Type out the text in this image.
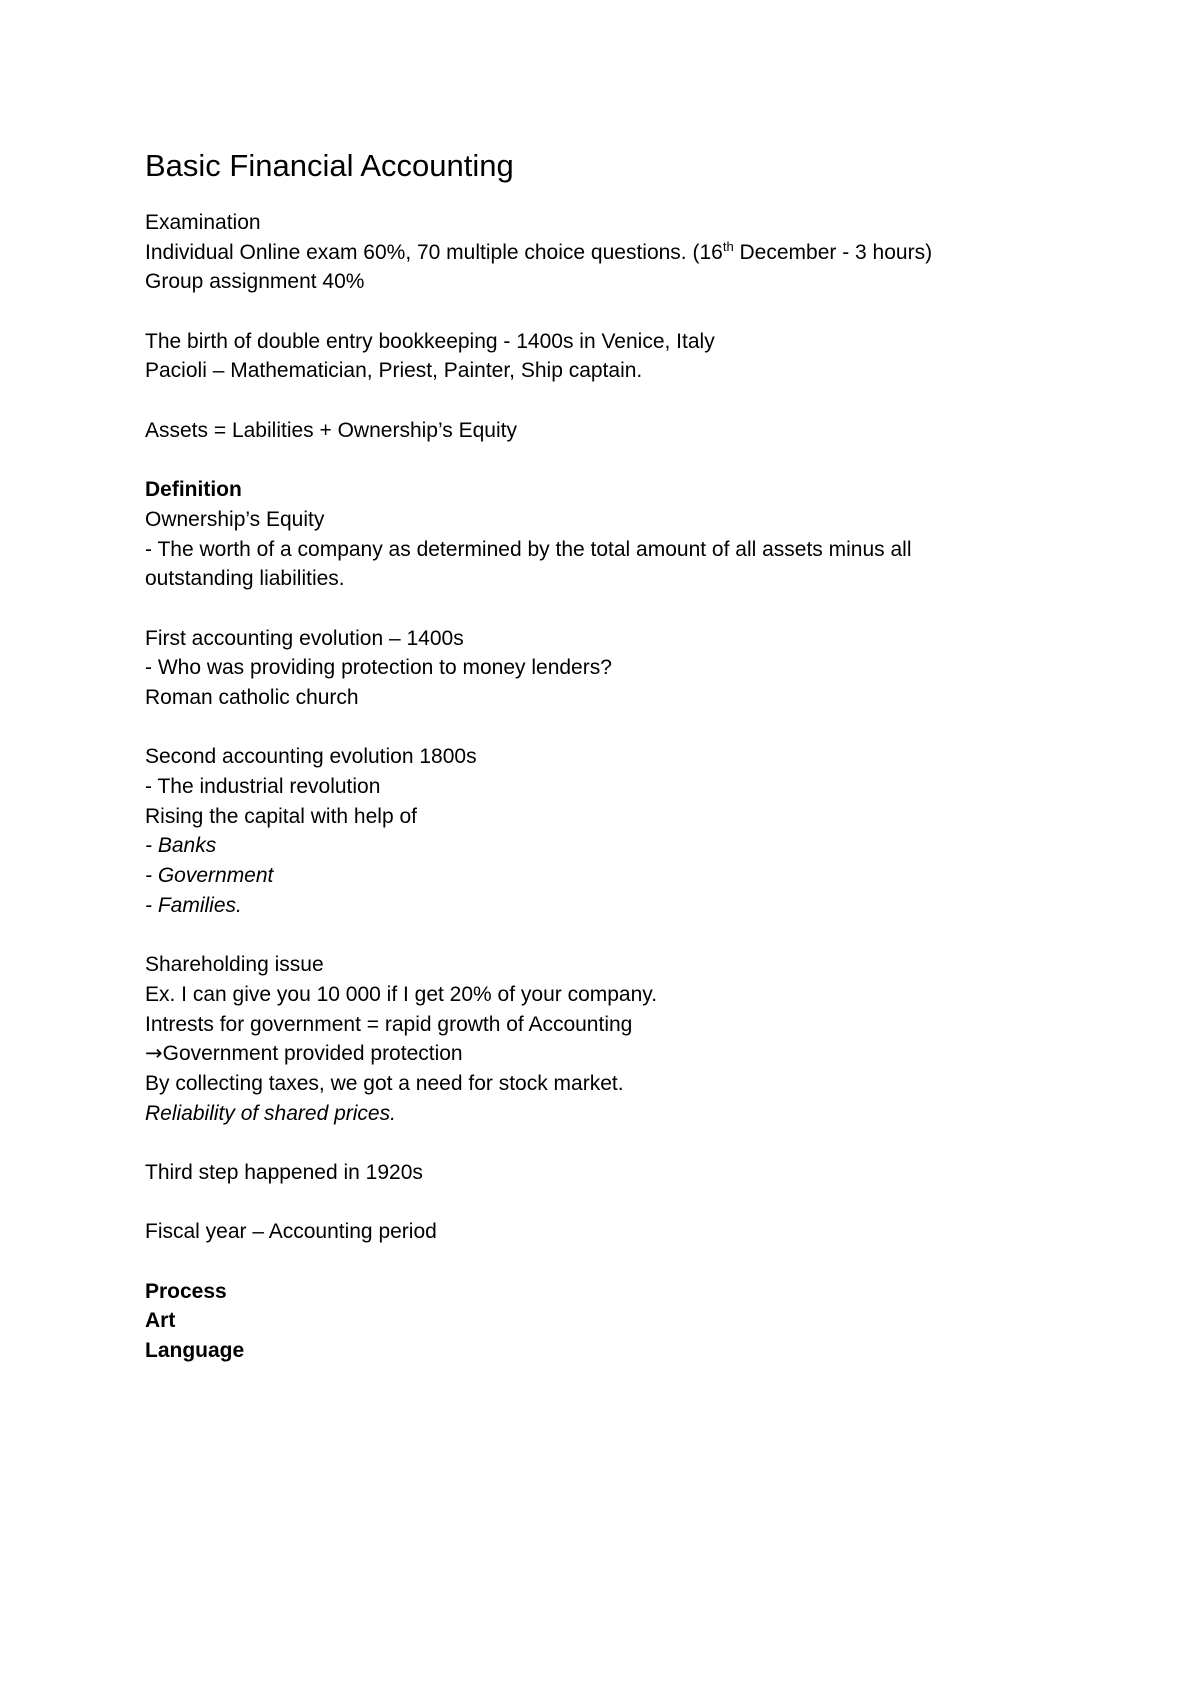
Basic Financial Accounting
Examination
Individual Online exam 60%, 70 multiple choice questions. (16th December - 3 hours)
Group assignment 40%
The birth of double entry bookkeeping - 1400s in Venice, Italy
Pacioli – Mathematician, Priest, Painter, Ship captain.
Assets = Labilities + Ownership’s Equity
Definition
Ownership’s Equity
- The worth of a company as determined by the total amount of all assets minus all outstanding liabilities.
First accounting evolution – 1400s
- Who was providing protection to money lenders?
Roman catholic church
Second accounting evolution 1800s
- The industrial revolution
Rising the capital with help of
- Banks
- Government
- Families.
Shareholding issue
Ex. I can give you 10 000 if I get 20% of your company.
Intrests for government = rapid growth of Accounting
→Government provided protection
By collecting taxes, we got a need for stock market.
Reliability of shared prices.
Third step happened in 1920s
Fiscal year – Accounting period
Process
Art
Language
